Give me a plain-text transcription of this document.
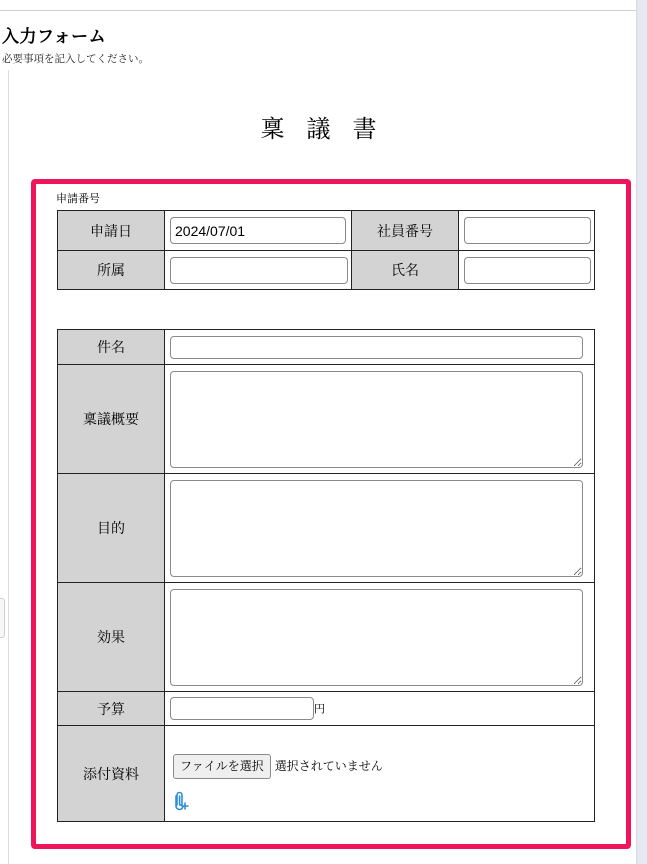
入力フォーム
必要事項を記入してください。
稟議書
申請番号
申請日	2024/07/01	社員番号	
所属		氏名	
件名	
稟議概要	

目的	

効果	

予算	円
添付資料	ファイルを選択 選択されていません
